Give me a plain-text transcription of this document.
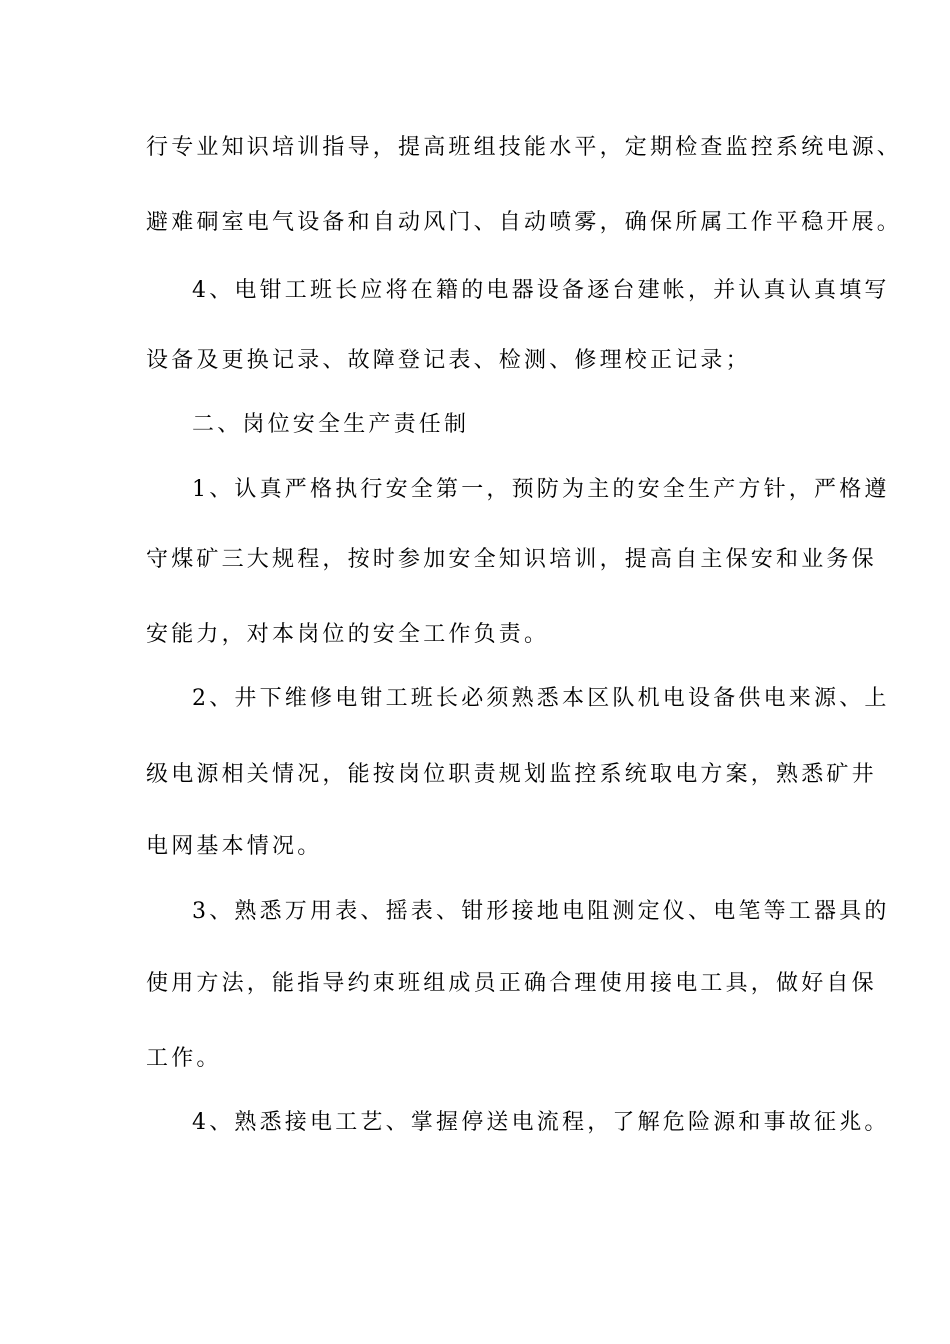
行专业知识培训指导，提高班组技能水平，定期检查监控系统电源、
避难硐室电气设备和自动风门、自动喷雾，确保所属工作平稳开展。
4、电钳工班长应将在籍的电器设备逐台建帐，并认真认真填写
设备及更换记录、故障登记表、检测、修理校正记录；
二、岗位安全生产责任制
1、认真严格执行安全第一，预防为主的安全生产方针，严格遵
守煤矿三大规程，按时参加安全知识培训，提高自主保安和业务保
安能力，对本岗位的安全工作负责。
2、井下维修电钳工班长必须熟悉本区队机电设备供电来源、上
级电源相关情况，能按岗位职责规划监控系统取电方案，熟悉矿井
电网基本情况。
3、熟悉万用表、摇表、钳形接地电阻测定仪、电笔等工器具的
使用方法，能指导约束班组成员正确合理使用接电工具，做好自保
工作。
4、熟悉接电工艺、掌握停送电流程，了解危险源和事故征兆。
